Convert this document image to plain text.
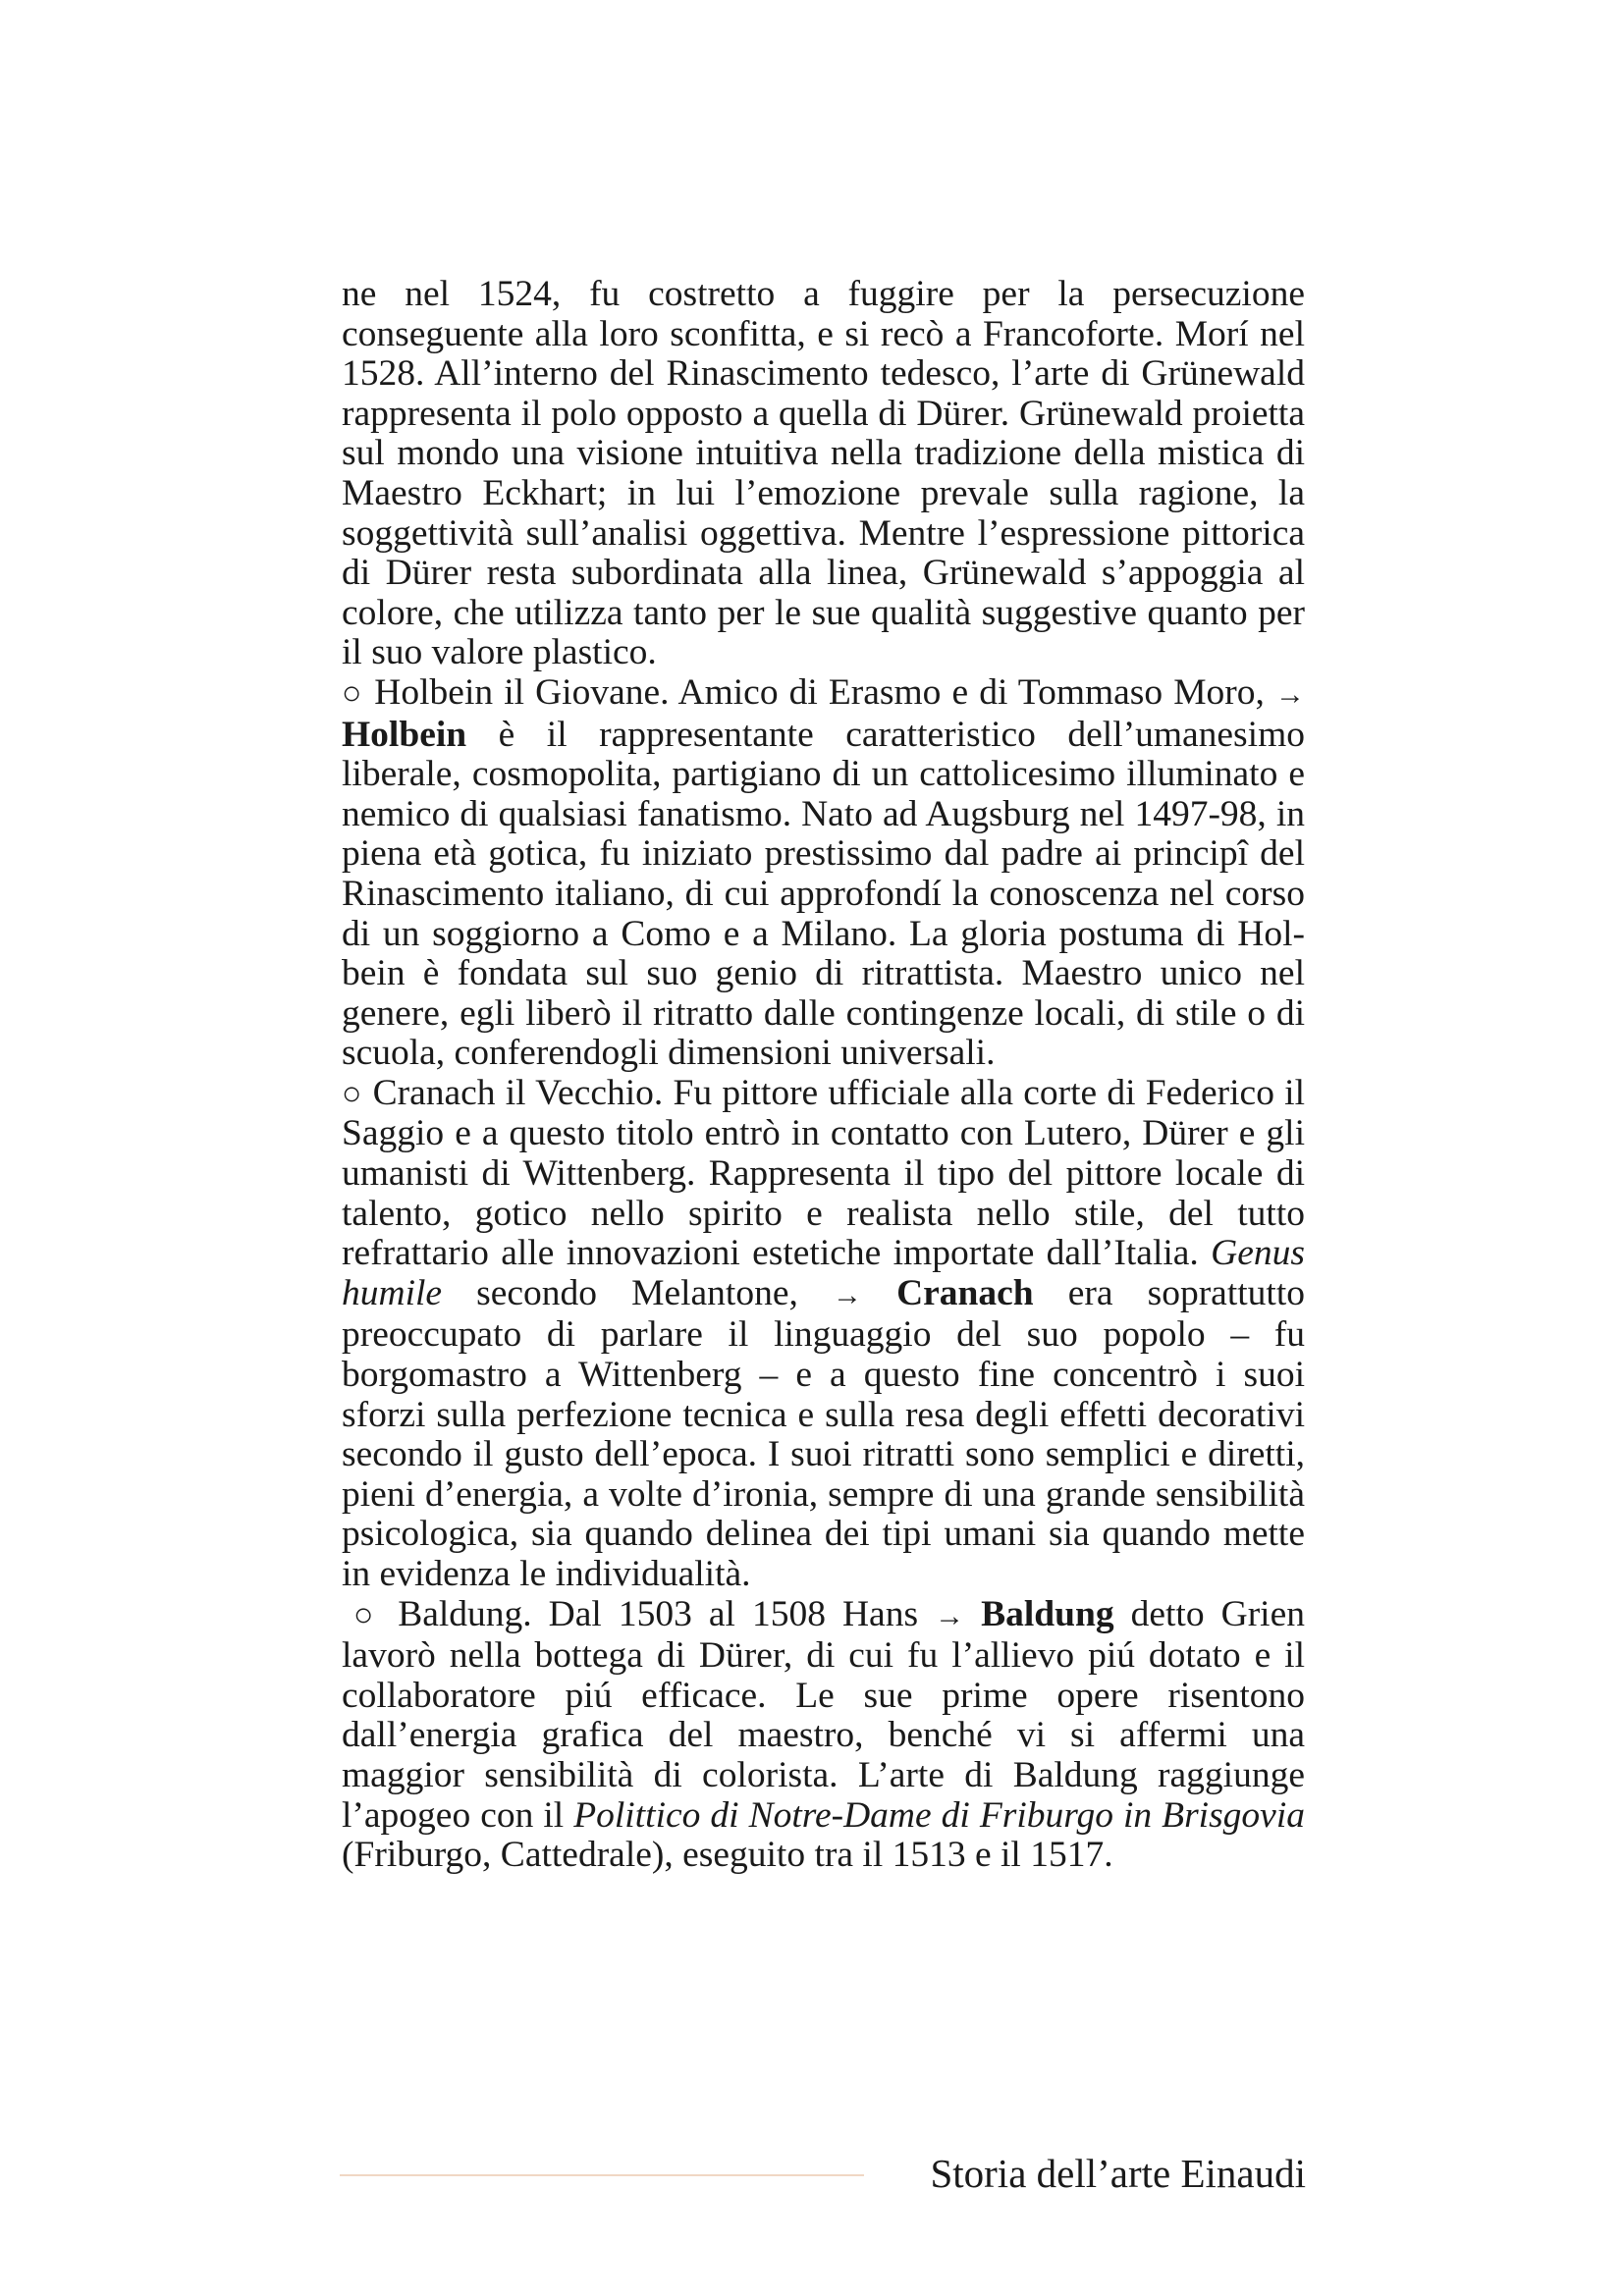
ne nel 1524, fu costretto a fuggire per la persecuzione conseguente alla loro sconfitta, e si recò a Francoforte. Morí nel 1528. All’interno del Rinascimento tedesco, l’arte di Grünewald rappresenta il polo opposto a quella di Dürer. Grünewald proietta sul mondo una visione intuitiva nella tradizione della mistica di Maestro Eckhart; in lui l’emozione prevale sulla ragione, la soggettività sull’analisi oggettiva. Mentre l’espressione pittorica di Dürer resta subordinata alla linea, Grünewald s’appoggia al colore, che utilizza tanto per le sue qualità suggestive quanto per il suo valore plastico.

○ Holbein il Giovane. Amico di Erasmo e di Tommaso Moro, → Holbein è il rappresentante caratteristico dell’umanesimo liberale, cosmopolita, partigiano di un cattolicesimo illuminato e nemico di qualsiasi fanatismo. Nato ad Augsburg nel 1497-98, in piena età gotica, fu iniziato prestissimo dal padre ai principî del Rinascimento italiano, di cui approfondí la conoscenza nel corso di un soggiorno a Como e a Milano. La gloria postuma di Holbein è fondata sul suo genio di ritrattista. Maestro unico nel genere, egli liberò il ritratto dalle contingenze locali, di stile o di scuola, conferendogli dimensioni universali.

○ Cranach il Vecchio. Fu pittore ufficiale alla corte di Federico il Saggio e a questo titolo entrò in contatto con Lutero, Dürer e gli umanisti di Wittenberg. Rappresenta il tipo del pittore locale di talento, gotico nello spirito e realista nello stile, del tutto refrattario alle innovazioni estetiche importate dall’Italia. Genus humile secondo Melantone, → Cranach era soprattutto preoccupato di parlare il linguaggio del suo popolo – fu borgomastro a Wittenberg – e a questo fine concentrò i suoi sforzi sulla perfezione tecnica e sulla resa degli effetti decorativi secondo il gusto dell’epoca. I suoi ritratti sono semplici e diretti, pieni d’energia, a volte d’ironia, sempre di una grande sensibilità psicologica, sia quando delinea dei tipi umani sia quando mette in evidenza le individualità.

○ Baldung. Dal 1503 al 1508 Hans → Baldung detto Grien lavorò nella bottega di Dürer, di cui fu l’allievo piú dotato e il collaboratore piú efficace. Le sue prime opere risentono dall’energia grafica del maestro, benché vi si affermi una maggior sensibilità di colorista. L’arte di Baldung raggiunge l’apogeo con il Polittico di Notre-Dame di Friburgo in Brisgovia (Friburgo, Cattedrale), eseguito tra il 1513 e il 1517.

Storia dell’arte Einaudi
